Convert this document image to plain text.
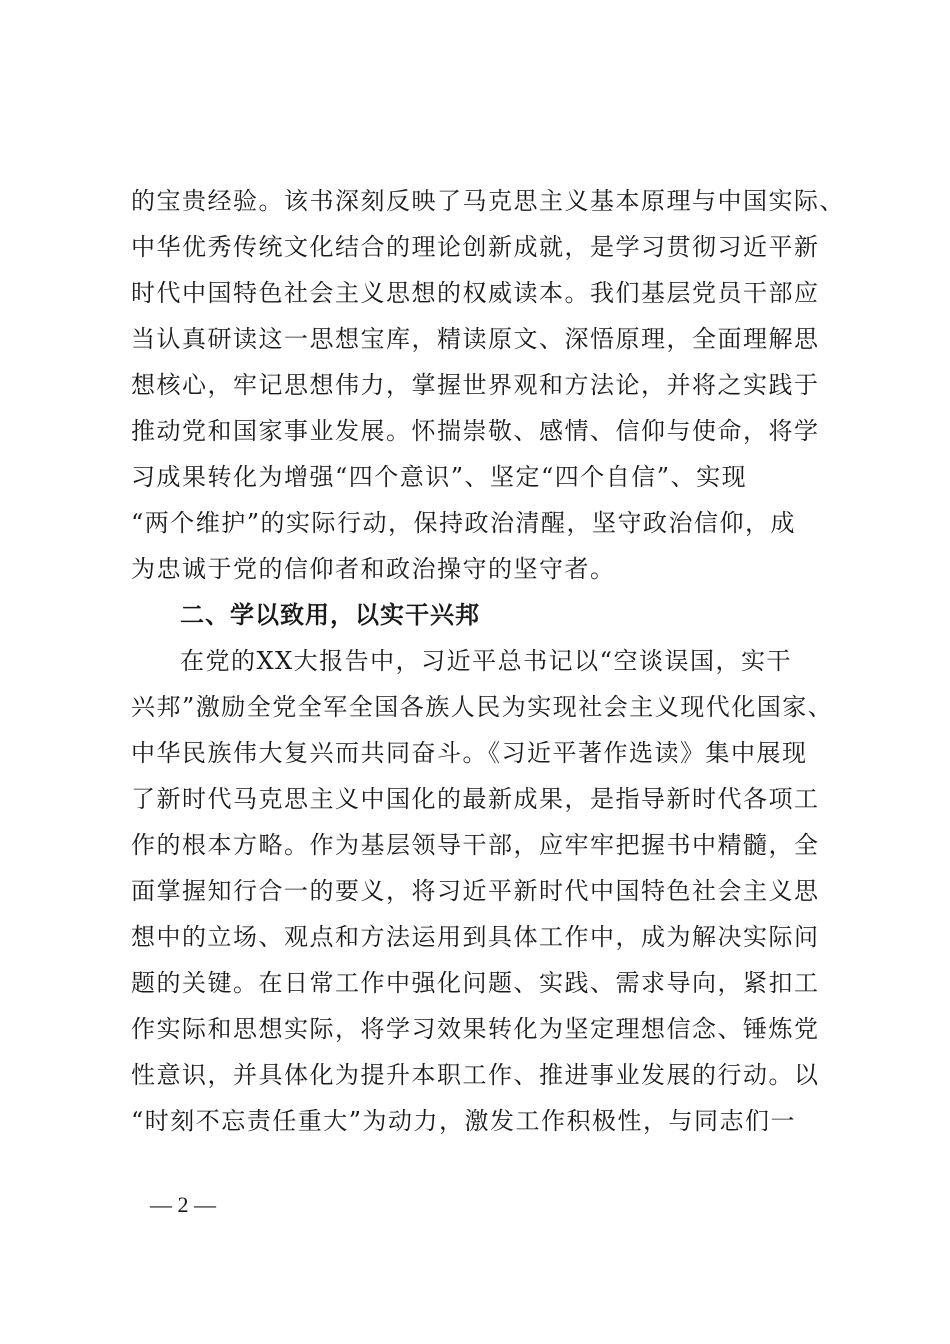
的宝贵经验。该书深刻反映了马克思主义基本原理与中国实际、
中华优秀传统文化结合的理论创新成就，是学习贯彻习近平新
时代中国特色社会主义思想的权威读本。我们基层党员干部应
当认真研读这一思想宝库，精读原文、深悟原理，全面理解思
想核心，牢记思想伟力，掌握世界观和方法论，并将之实践于
推动党和国家事业发展。怀揣崇敬、感情、信仰与使命，将学
习成果转化为增强“四个意识”、坚定“四个自信”、实现
“两个维护”的实际行动，保持政治清醒，坚守政治信仰，成
为忠诚于党的信仰者和政治操守的坚守者。
二、学以致用，以实干兴邦
在党的XX大报告中，习近平总书记以“空谈误国，实干
兴邦”激励全党全军全国各族人民为实现社会主义现代化国家、
中华民族伟大复兴而共同奋斗。《习近平著作选读》集中展现
了新时代马克思主义中国化的最新成果，是指导新时代各项工
作的根本方略。作为基层领导干部，应牢牢把握书中精髓，全
面掌握知行合一的要义，将习近平新时代中国特色社会主义思
想中的立场、观点和方法运用到具体工作中，成为解决实际问
题的关键。在日常工作中强化问题、实践、需求导向，紧扣工
作实际和思想实际，将学习效果转化为坚定理想信念、锤炼党
性意识，并具体化为提升本职工作、推进事业发展的行动。以
“时刻不忘责任重大”为动力，激发工作积极性，与同志们一
— 2 —
